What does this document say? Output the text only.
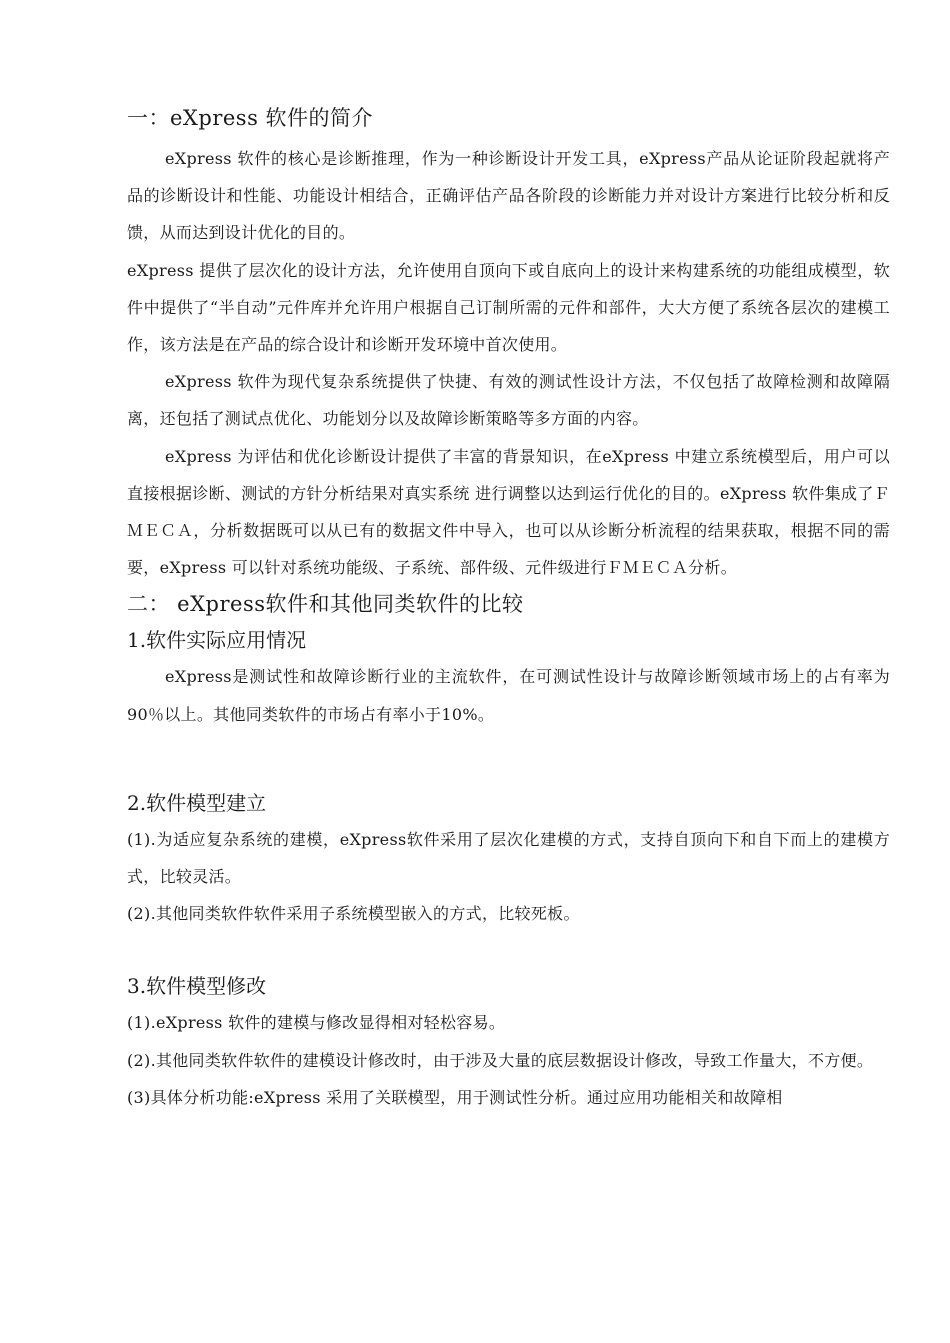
一：eXpress 软件的简介

eXpress 软件的核心是诊断推理，作为一种诊断设计开发工具，eXpress产品从论证阶段起就将产品的诊断设计和性能、功能设计相结合，正确评估产品各阶段的诊断能力并对设计方案进行比较分析和反馈，从而达到设计优化的目的。

eXpress 提供了层次化的设计方法，允许使用自顶向下或自底向上的设计来构建系统的功能组成模型，软件中提供了“半自动”元件库并允许用户根据自己订制所需的元件和部件，大大方便了系统各层次的建模工作，该方法是在产品的综合设计和诊断开发环境中首次使用。

eXpress 软件为现代复杂系统提供了快捷、有效的测试性设计方法，不仅包括了故障检测和故障隔离，还包括了测试点优化、功能划分以及故障诊断策略等多方面的内容。

eXpress 为评估和优化诊断设计提供了丰富的背景知识，在eXpress 中建立系统模型后，用户可以直接根据诊断、测试的方针分析结果对真实系统 进行调整以达到运行优化的目的。eXpress 软件集成了ＦＭＥＣＡ，分析数据既可以从已有的数据文件中导入，也可以从诊断分析流程的结果获取，根据不同的需要，eXpress 可以针对系统功能级、子系统、部件级、元件级进行ＦＭＥＣＡ分析。

二： eXpress软件和其他同类软件的比较
1.软件实际应用情况

eXpress是测试性和故障诊断行业的主流软件，在可测试性设计与故障诊断领域市场上的占有率为 90％以上。其他同类软件的市场占有率小于10%。

2.软件模型建立

(1).为适应复杂系统的建模，eXpress软件采用了层次化建模的方式，支持自顶向下和自下而上的建模方式，比较灵活。

(2).其他同类软件软件采用子系统模型嵌入的方式，比较死板。

3.软件模型修改

(1).eXpress 软件的建模与修改显得相对轻松容易。

(2).其他同类软件软件的建模设计修改时，由于涉及大量的底层数据设计修改，导致工作量大，不方便。

(3)具体分析功能:eXpress 采用了关联模型，用于测试性分析。通过应用功能相关和故障相
